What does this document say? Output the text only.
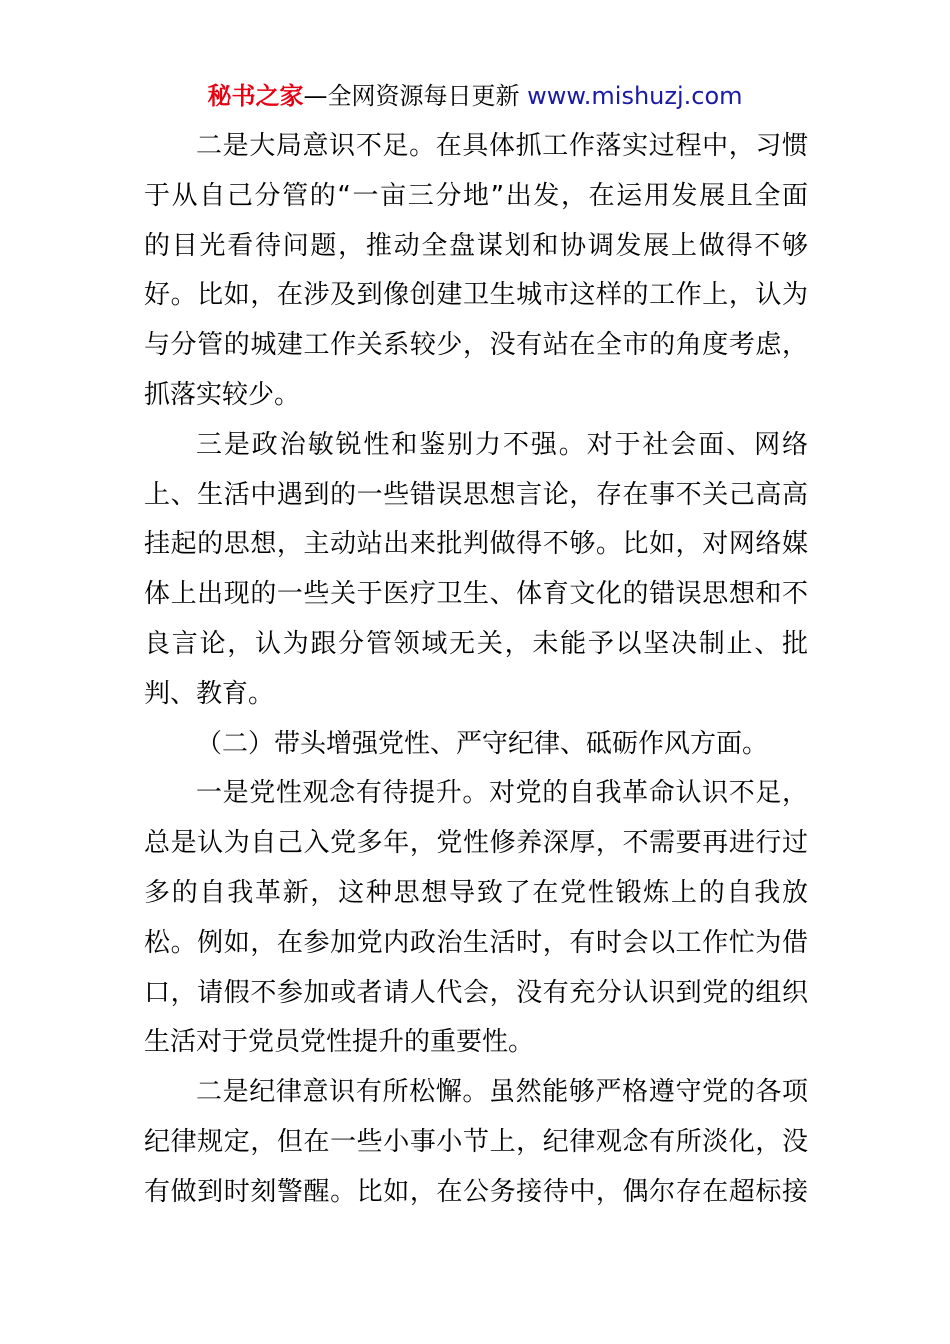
秘书之家—全网资源每日更新 www.mishuzj.com
二是大局意识不足。在具体抓工作落实过程中，习惯
于从自己分管的“一亩三分地”出发，在运用发展且全面
的目光看待问题，推动全盘谋划和协调发展上做得不够
好。比如，在涉及到像创建卫生城市这样的工作上，认为
与分管的城建工作关系较少，没有站在全市的角度考虑，
抓落实较少。
三是政治敏锐性和鉴别力不强。对于社会面、网络
上、生活中遇到的一些错误思想言论，存在事不关己高高
挂起的思想，主动站出来批判做得不够。比如，对网络媒
体上出现的一些关于医疗卫生、体育文化的错误思想和不
良言论，认为跟分管领域无关，未能予以坚决制止、批
判、教育。
（二）带头增强党性、严守纪律、砥砺作风方面。
一是党性观念有待提升。对党的自我革命认识不足，
总是认为自己入党多年，党性修养深厚，不需要再进行过
多的自我革新，这种思想导致了在党性锻炼上的自我放
松。例如，在参加党内政治生活时，有时会以工作忙为借
口，请假不参加或者请人代会，没有充分认识到党的组织
生活对于党员党性提升的重要性。
二是纪律意识有所松懈。虽然能够严格遵守党的各项
纪律规定，但在一些小事小节上，纪律观念有所淡化，没
有做到时刻警醒。比如，在公务接待中，偶尔存在超标接
